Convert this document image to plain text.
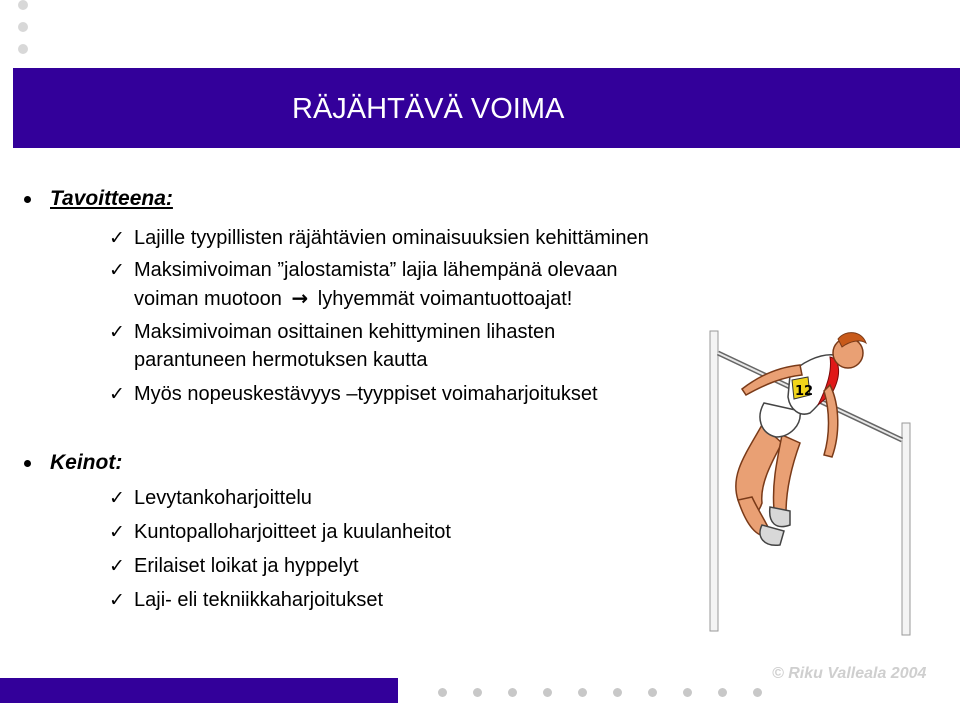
RÄJÄHTÄVÄ VOIMA
Tavoitteena:
✓ Lajille tyypillisten räjähtävien ominaisuuksien kehittäminen
✓ Maksimivoiman ”jalostamista” lajia lähempänä olevaan
voiman muotoon → lyhyemmät voimantuottoajat!
✓ Maksimivoiman osittainen kehittyminen lihasten
parantuneen hermotuksen kautta
✓ Myös nopeuskestävyys –tyyppiset voimaharjoitukset
Keinot:
✓ Levytankoharjoittelu
✓ Kuntopalloharjoitteet ja kuulanheitot
✓ Erilaiset loikat ja hyppelyt
✓ Laji- eli tekniikkaharjoitukset
12
© Riku Valleala 2004
